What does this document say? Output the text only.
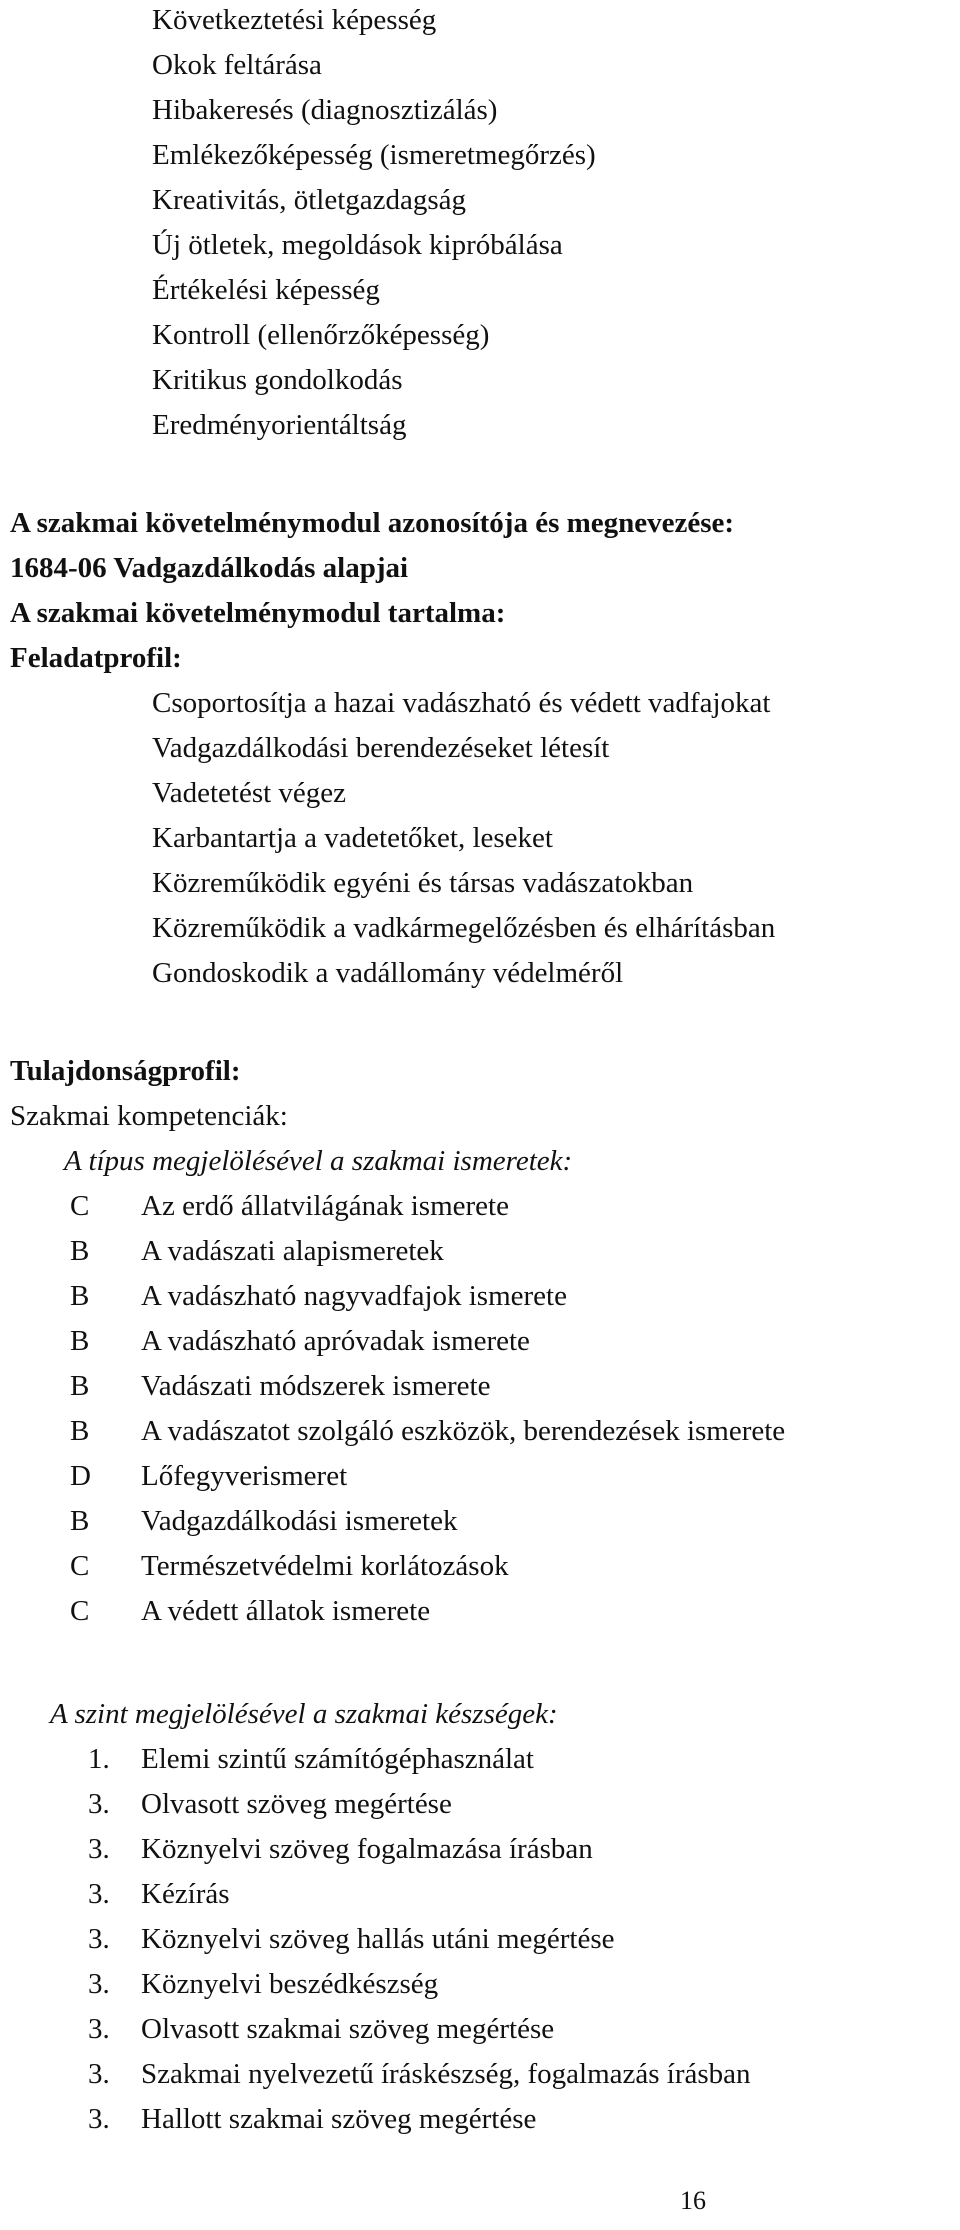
Következtetési képesség
Okok feltárása
Hibakeresés (diagnosztizálás)
Emlékezőképesség (ismeretmegőrzés)
Kreativitás, ötletgazdagság
Új ötletek, megoldások kipróbálása
Értékelési képesség
Kontroll (ellenőrzőképesség)
Kritikus gondolkodás
Eredményorientáltság
A szakmai követelménymodul azonosítója és megnevezése:
1684-06 Vadgazdálkodás alapjai
A szakmai követelménymodul tartalma:
Feladatprofil:
Csoportosítja a hazai vadászható és védett vadfajokat
Vadgazdálkodási berendezéseket létesít
Vadetetést végez
Karbantartja a vadetetőket, leseket
Közreműködik egyéni és társas vadászatokban
Közreműködik a vadkármegelőzésben és elhárításban
Gondoskodik a vadállomány védelméről
Tulajdonságprofil:
Szakmai kompetenciák:
A típus megjelölésével a szakmai ismeretek:
C Az erdő állatvilágának ismerete
B A vadászati alapismeretek
B A vadászható nagyvadfajok ismerete
B A vadászható apróvadak ismerete
B Vadászati módszerek ismerete
B A vadászatot szolgáló eszközök, berendezések ismerete
D Lőfegyverismeret
B Vadgazdálkodási ismeretek
C Természetvédelmi korlátozások
C A védett állatok ismerete
A szint megjelölésével a szakmai készségek:
1. Elemi szintű számítógéphasználat
3. Olvasott szöveg megértése
3. Köznyelvi szöveg fogalmazása írásban
3. Kézírás
3. Köznyelvi szöveg hallás utáni megértése
3. Köznyelvi beszédkészség
3. Olvasott szakmai szöveg megértése
3. Szakmai nyelvezetű íráskészség, fogalmazás írásban
3. Hallott szakmai szöveg megértése
16
